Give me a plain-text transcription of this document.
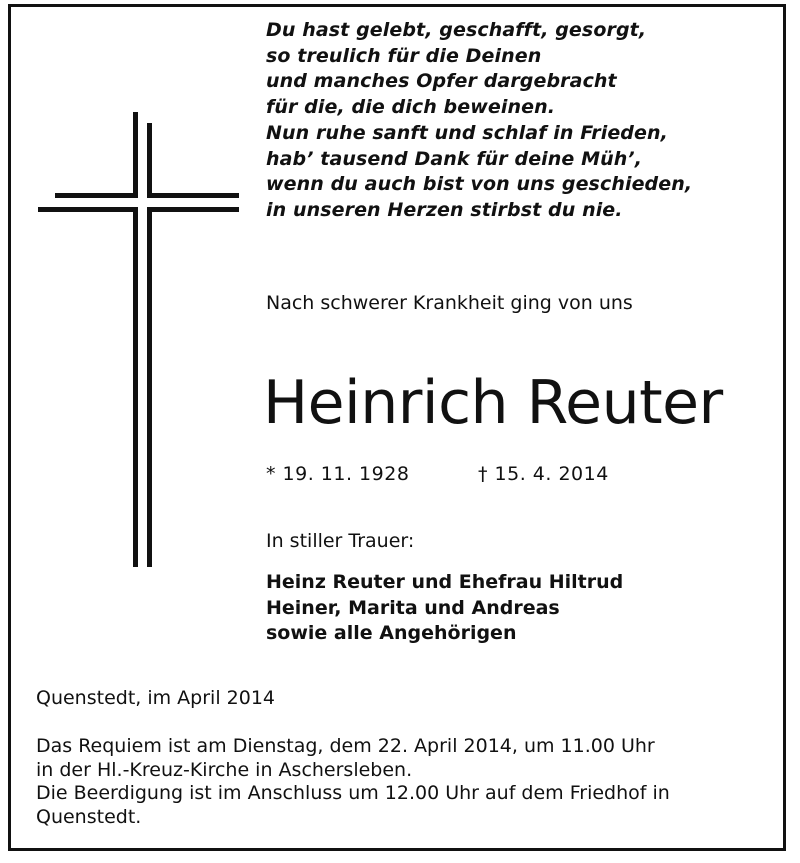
Du hast gelebt, geschafft, gesorgt,
so treulich für die Deinen
und manches Opfer dargebracht
für die, die dich beweinen.
Nun ruhe sanft und schlaf in Frieden,
hab’ tausend Dank für deine Müh’,
wenn du auch bist von uns geschieden,
in unseren Herzen stirbst du nie.
Nach schwerer Krankheit ging von uns
Heinrich Reuter
* 19. 11. 1928	† 15. 4. 2014
In stiller Trauer:
Heinz Reuter und Ehefrau Hiltrud
Heiner, Marita und Andreas
sowie alle Angehörigen
Quenstedt, im April 2014
Das Requiem ist am Dienstag, dem 22. April 2014, um 11.00 Uhr
in der Hl.-Kreuz-Kirche in Aschersleben.
Die Beerdigung ist im Anschluss um 12.00 Uhr auf dem Friedhof in
Quenstedt.
